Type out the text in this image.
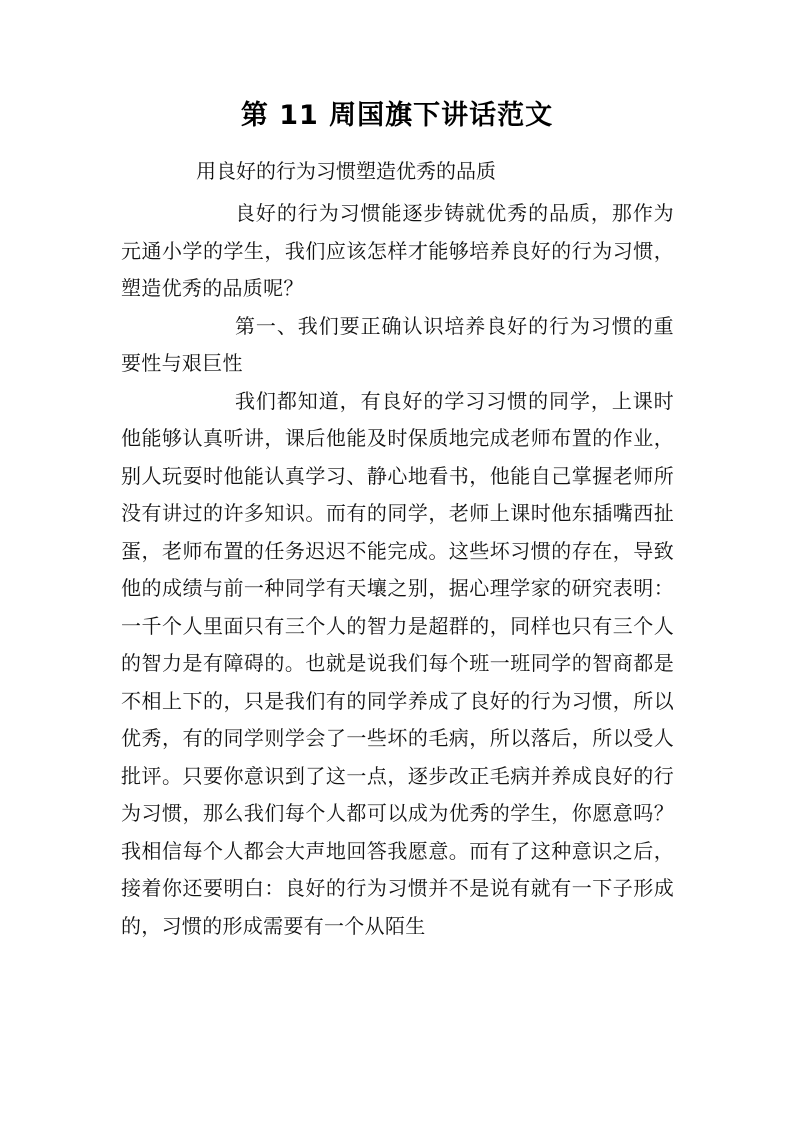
第 11 周国旗下讲话范文
用良好的行为习惯塑造优秀的品质

良好的行为习惯能逐步铸就优秀的品质，那作为元通小学的学生，我们应该怎样才能够培养良好的行为习惯，塑造优秀的品质呢？

第一、我们要正确认识培养良好的行为习惯的重要性与艰巨性

我们都知道，有良好的学习习惯的同学，上课时他能够认真听讲，课后他能及时保质地完成老师布置的作业，别人玩耍时他能认真学习、静心地看书，他能自己掌握老师所没有讲过的许多知识。而有的同学，老师上课时他东插嘴西扯蛋，老师布置的任务迟迟不能完成。这些坏习惯的存在，导致他的成绩与前一种同学有天壤之别，据心理学家的研究表明：一千个人里面只有三个人的智力是超群的，同样也只有三个人的智力是有障碍的。也就是说我们每个班一班同学的智商都是不相上下的，只是我们有的同学养成了良好的行为习惯，所以优秀，有的同学则学会了一些坏的毛病，所以落后，所以受人批评。只要你意识到了这一点，逐步改正毛病并养成良好的行为习惯，那么我们每个人都可以成为优秀的学生，你愿意吗？我相信每个人都会大声地回答我愿意。而有了这种意识之后，接着你还要明白：良好的行为习惯并不是说有就有一下子形成的，习惯的形成需要有一个从陌生
